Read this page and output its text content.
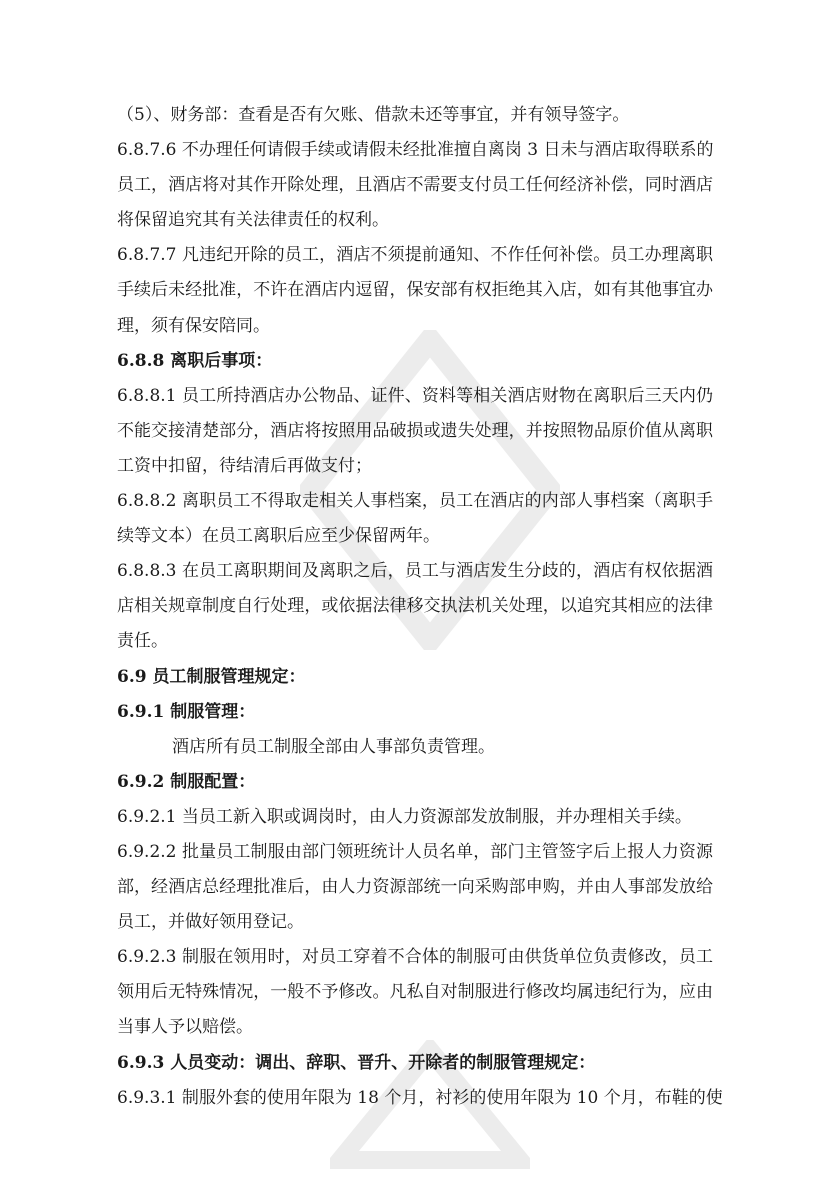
（5）、财务部：查看是否有欠账、借款未还等事宜，并有领导签字。
6.8.7.6 不办理任何请假手续或请假未经批准擅自离岗 3 日未与酒店取得联系的
员工，酒店将对其作开除处理，且酒店不需要支付员工任何经济补偿，同时酒店
将保留追究其有关法律责任的权利。
6.8.7.7 凡违纪开除的员工，酒店不须提前通知、不作任何补偿。员工办理离职
手续后未经批准，不许在酒店内逗留，保安部有权拒绝其入店，如有其他事宜办
理，须有保安陪同。
6.8.8 离职后事项：
6.8.8.1 员工所持酒店办公物品、证件、资料等相关酒店财物在离职后三天内仍
不能交接清楚部分，酒店将按照用品破损或遗失处理，并按照物品原价值从离职
工资中扣留，待结清后再做支付；
6.8.8.2 离职员工不得取走相关人事档案，员工在酒店的内部人事档案（离职手
续等文本）在员工离职后应至少保留两年。
6.8.8.3 在员工离职期间及离职之后，员工与酒店发生分歧的，酒店有权依据酒
店相关规章制度自行处理，或依据法律移交执法机关处理，以追究其相应的法律
责任。
6.9 员工制服管理规定：
6.9.1 制服管理：
酒店所有员工制服全部由人事部负责管理。
6.9.2 制服配置：
6.9.2.1 当员工新入职或调岗时，由人力资源部发放制服，并办理相关手续。
6.9.2.2 批量员工制服由部门领班统计人员名单，部门主管签字后上报人力资源
部，经酒店总经理批准后，由人力资源部统一向采购部申购，并由人事部发放给
员工，并做好领用登记。
6.9.2.3 制服在领用时，对员工穿着不合体的制服可由供货单位负责修改，员工
领用后无特殊情况，一般不予修改。凡私自对制服进行修改均属违纪行为，应由
当事人予以赔偿。
6.9.3 人员变动：调出、辞职、晋升、开除者的制服管理规定：
6.9.3.1 制服外套的使用年限为 18 个月，衬衫的使用年限为 10 个月，布鞋的使
